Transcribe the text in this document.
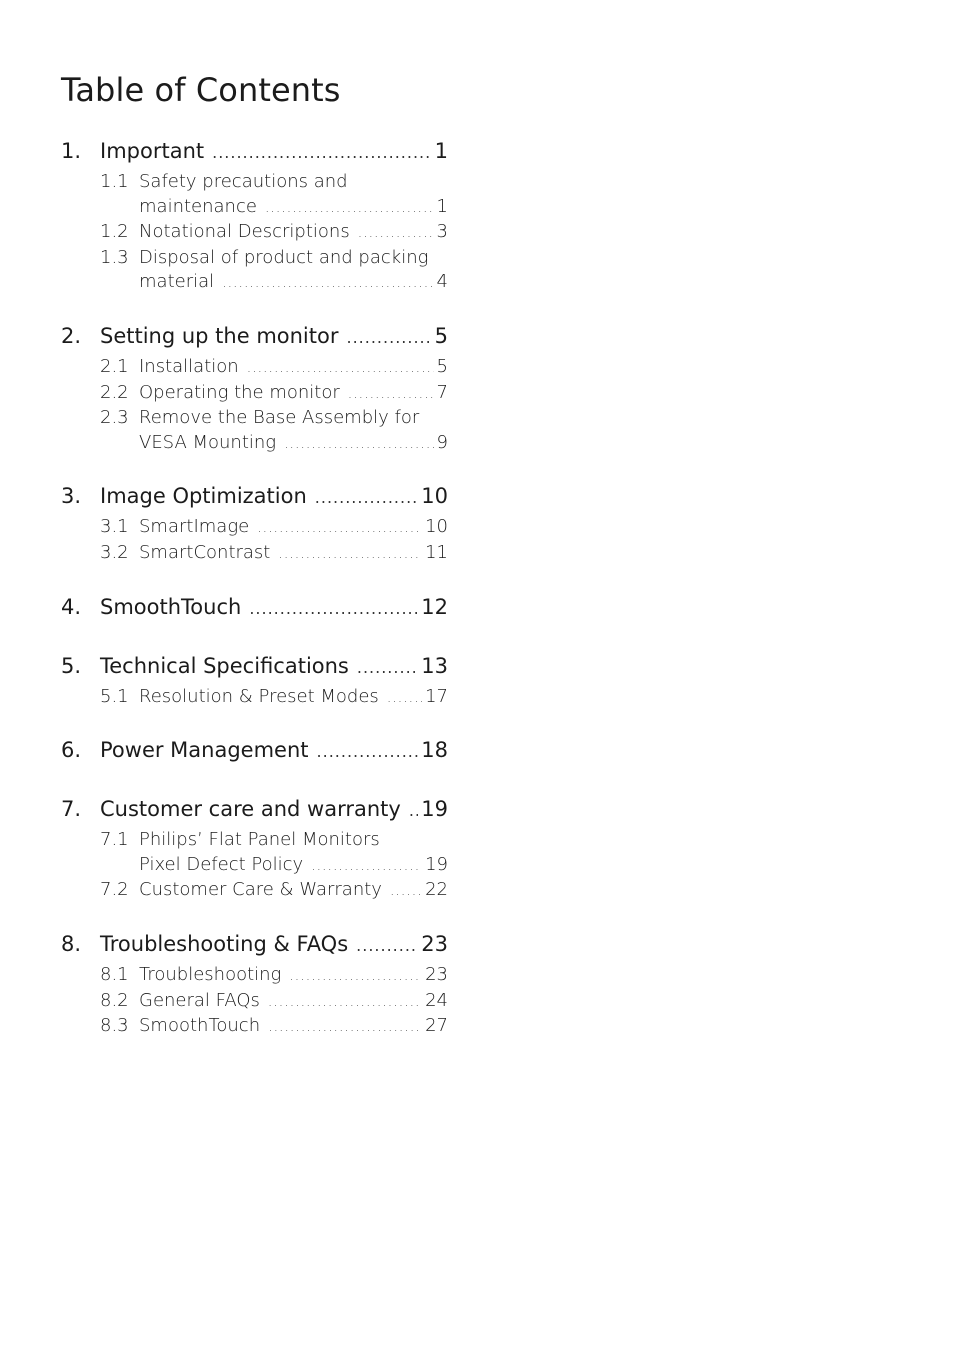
Table of Contents
1. Important .....	1
1.1 Safety precautions and
maintenance .....	1
1.2 Notational Descriptions .....	3
1.3 Disposal of product and packing
material .....	4
2. Setting up the monitor .....	5
2.1 Installation .....	5
2.2 Operating the monitor .....	7
2.3 Remove the Base Assembly for
VESA Mounting .....	9
3. Image Optimization .....	10
3.1 SmartImage .....	10
3.2 SmartContrast .....	11
4. SmoothTouch .....	12
5. Technical Specifications .....	13
5.1 Resolution & Preset Modes .....	17
6. Power Management .....	18
7. Customer care and warranty ..... 19
7.1 Philips’ Flat Panel Monitors
Pixel Defect Policy .....	19
7.2 Customer Care & Warranty ..... 22
8. Troubleshooting & FAQs .....	23
8.1 Troubleshooting .....	23
8.2 General FAQs .....	24
8.3 SmoothTouch .....	27
